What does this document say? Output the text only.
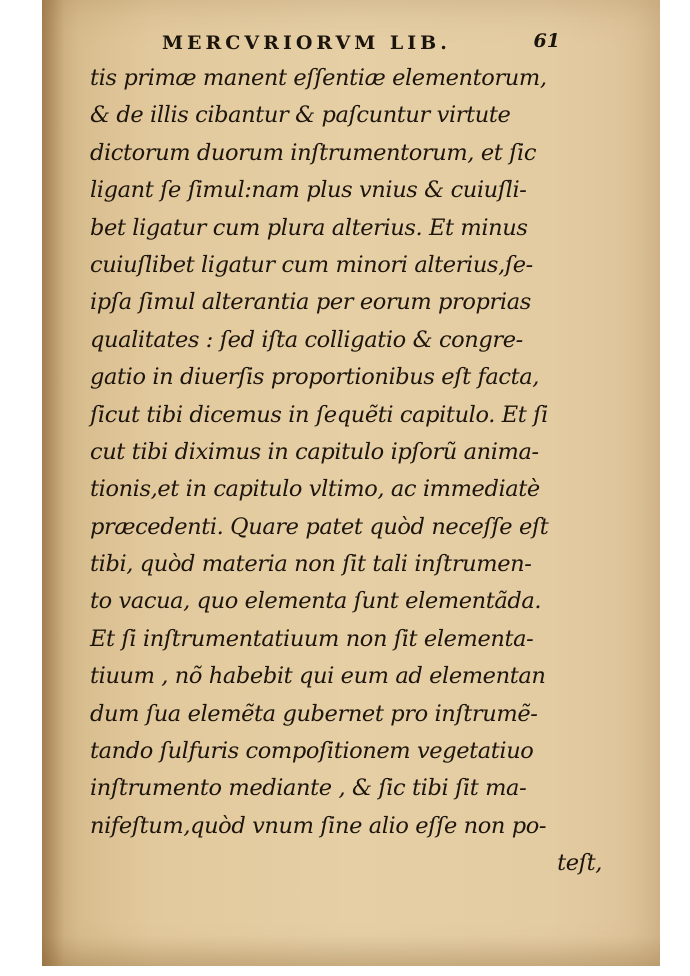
MERCVRIORVM LIB.	61
tis primæ manent eſſentiæ elementorum,
& de illis cibantur & paſcuntur virtute
dictorum duorum inſtrumentorum, et ſic
ligant ſe ſimul:nam plus vnius & cuiuſli-
bet ligatur cum plura alterius. Et minus
cuiuſlibet ligatur cum minori alterius,ſe-
ipſa ſimul alterantia per eorum proprias
qualitates : ſed iſta colligatio & congre-
gatio in diuerſis proportionibus eſt facta,
ſicut tibi dicemus in ſequẽti capitulo. Et ſi
cut tibi diximus in capitulo ipſorũ anima-
tionis,et in capitulo vltimo, ac immediatè
præcedenti. Quare patet quòd neceſſe eſt
tibi, quòd materia non ſit tali inſtrumen-
to vacua, quo elementa ſunt elementãda.
Et ſi inſtrumentatiuum non ſit elementa-
tiuum , nõ habebit qui eum ad elementan
dum ſua elemẽta gubernet pro inſtrumẽ-
tando ſulfuris compoſitionem vegetatiuo
inſtrumento mediante , & ſic tibi ſit ma-
nifeſtum,quòd vnum ſine alio eſſe non po-
teſt,
